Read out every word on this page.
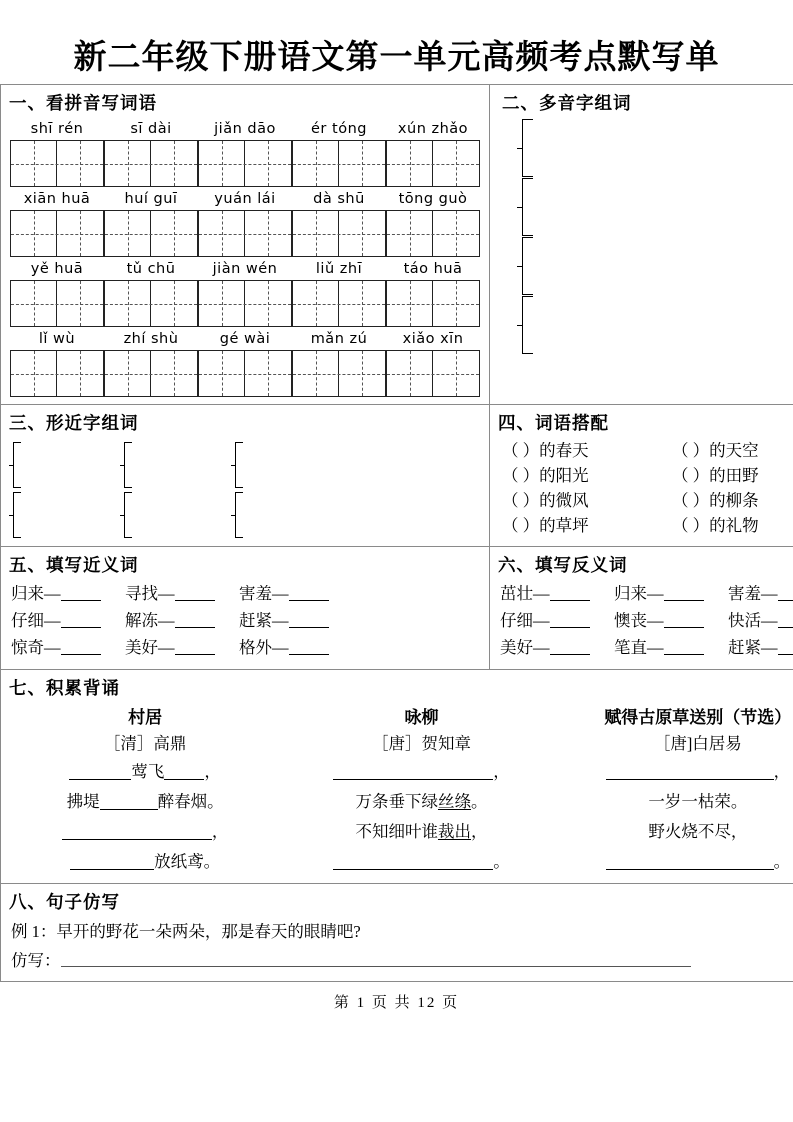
新二年级下册语文第一单元高频考点默写单
一、看拼音写词语
shī rén	sī dài	jiǎn dāo	ér tóng	xún zhǎo
xiān huā	huí guī	yuán lái	dà shū	tōng guò
yě huā	tǔ chū	jiàn wén	liǔ zhī	táo huā
lǐ wù	zhí shù	gé wài	mǎn zú	xiǎo xīn

二、多音字组词

三、形近字组词	四、词语搭配
（ ）的春天	（ ）的天空
（ ）的阳光	（ ）的田野
（ ）的微风	（ ）的柳条
（ ）的草坪	（ ）的礼物

五、填写近义词
归来—	寻找—	害羞—
仔细—	解冻—	赶紧—
惊奇—	美好—	格外—

六、填写反义词
茁壮—	归来—	害羞—
仔细—	懊丧—	快活—
美好—	笔直—	赶紧—

七、积累背诵
村居
［清］高鼎
莺飞 ，
拂堤	醉春烟。
，
放纸鸢。
咏柳
［唐］贺知章
，
万条垂下绿丝绦。
不知细叶谁裁出，
。
赋得古原草送别（节选）
［唐]白居易
，
一岁一枯荣。
野火烧不尽，
。

八、句子仿写
例 1：早开的野花一朵两朵，那是 · ·春天的眼睛吧?
仿写：
第 1 页 共 12 页
